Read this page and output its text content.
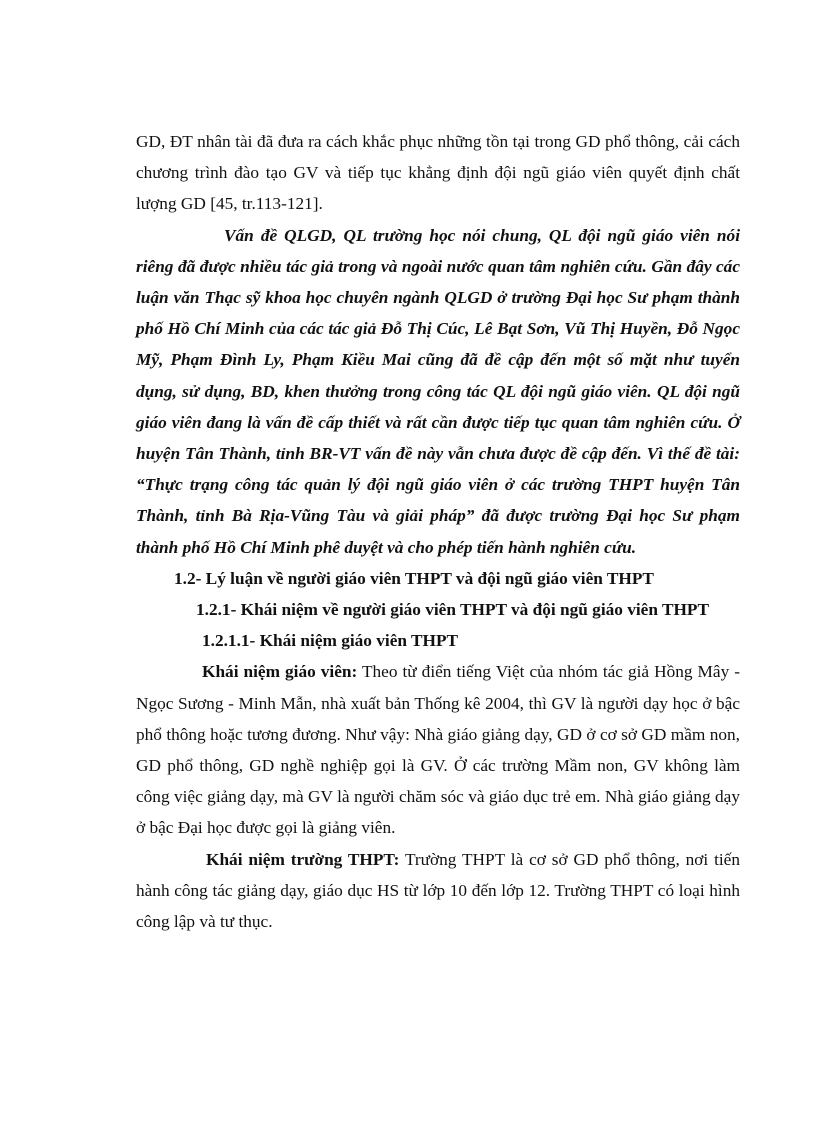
GD, ĐT nhân tài đã đưa ra cách khắc phục những tồn tại trong GD phổ thông, cải cách chương trình đào tạo GV và tiếp tục khẳng định đội ngũ giáo viên quyết định chất lượng GD [45, tr.113-121].

Vấn đề QLGD, QL trường học nói chung, QL đội ngũ giáo viên nói riêng đã được nhiều tác giả trong và ngoài nước quan tâm nghiên cứu. Gần đây các luận văn Thạc sỹ khoa học chuyên ngành QLGD ở trường Đại học Sư phạm thành phố Hồ Chí Minh của các tác giả Đỗ Thị Cúc, Lê Bạt Sơn, Vũ Thị Huyền, Đỗ Ngọc Mỹ, Phạm Đình Ly, Phạm Kiều Mai cũng đã đề cập đến một số mặt như tuyển dụng, sử dụng, BD, khen thưởng trong công tác QL đội ngũ giáo viên. QL đội ngũ giáo viên đang là vấn đề cấp thiết và rất cần được tiếp tục quan tâm nghiên cứu. Ở huyện Tân Thành, tỉnh BR-VT vấn đề này vẫn chưa được đề cập đến. Vì thế đề tài: “Thực trạng công tác quản lý đội ngũ giáo viên ở các trường THPT huyện Tân Thành, tỉnh Bà Rịa-Vũng Tàu và giải pháp” đã được trường Đại học Sư phạm thành phố Hồ Chí Minh phê duyệt và cho phép tiến hành nghiên cứu.

1.2- Lý luận về người giáo viên THPT và đội ngũ giáo viên THPT

1.2.1- Khái niệm về người giáo viên THPT và đội ngũ giáo viên THPT

1.2.1.1- Khái niệm giáo viên THPT

Khái niệm giáo viên: Theo từ điển tiếng Việt của nhóm tác giả Hồng Mây - Ngọc Sương - Minh Mẫn, nhà xuất bản Thống kê 2004, thì GV là người dạy học ở bậc phổ thông hoặc tương đương. Như vậy: Nhà giáo giảng dạy, GD ở cơ sở GD mầm non, GD phổ thông, GD nghề nghiệp gọi là GV. Ở các trường Mầm non, GV không làm công việc giảng dạy, mà GV là người chăm sóc và giáo dục trẻ em. Nhà giáo giảng dạy ở bậc Đại học được gọi là giảng viên.

Khái niệm trường THPT: Trường THPT là cơ sở GD phổ thông, nơi tiến hành công tác giảng dạy, giáo dục HS từ lớp 10 đến lớp 12. Trường THPT có loại hình công lập và tư thục.
